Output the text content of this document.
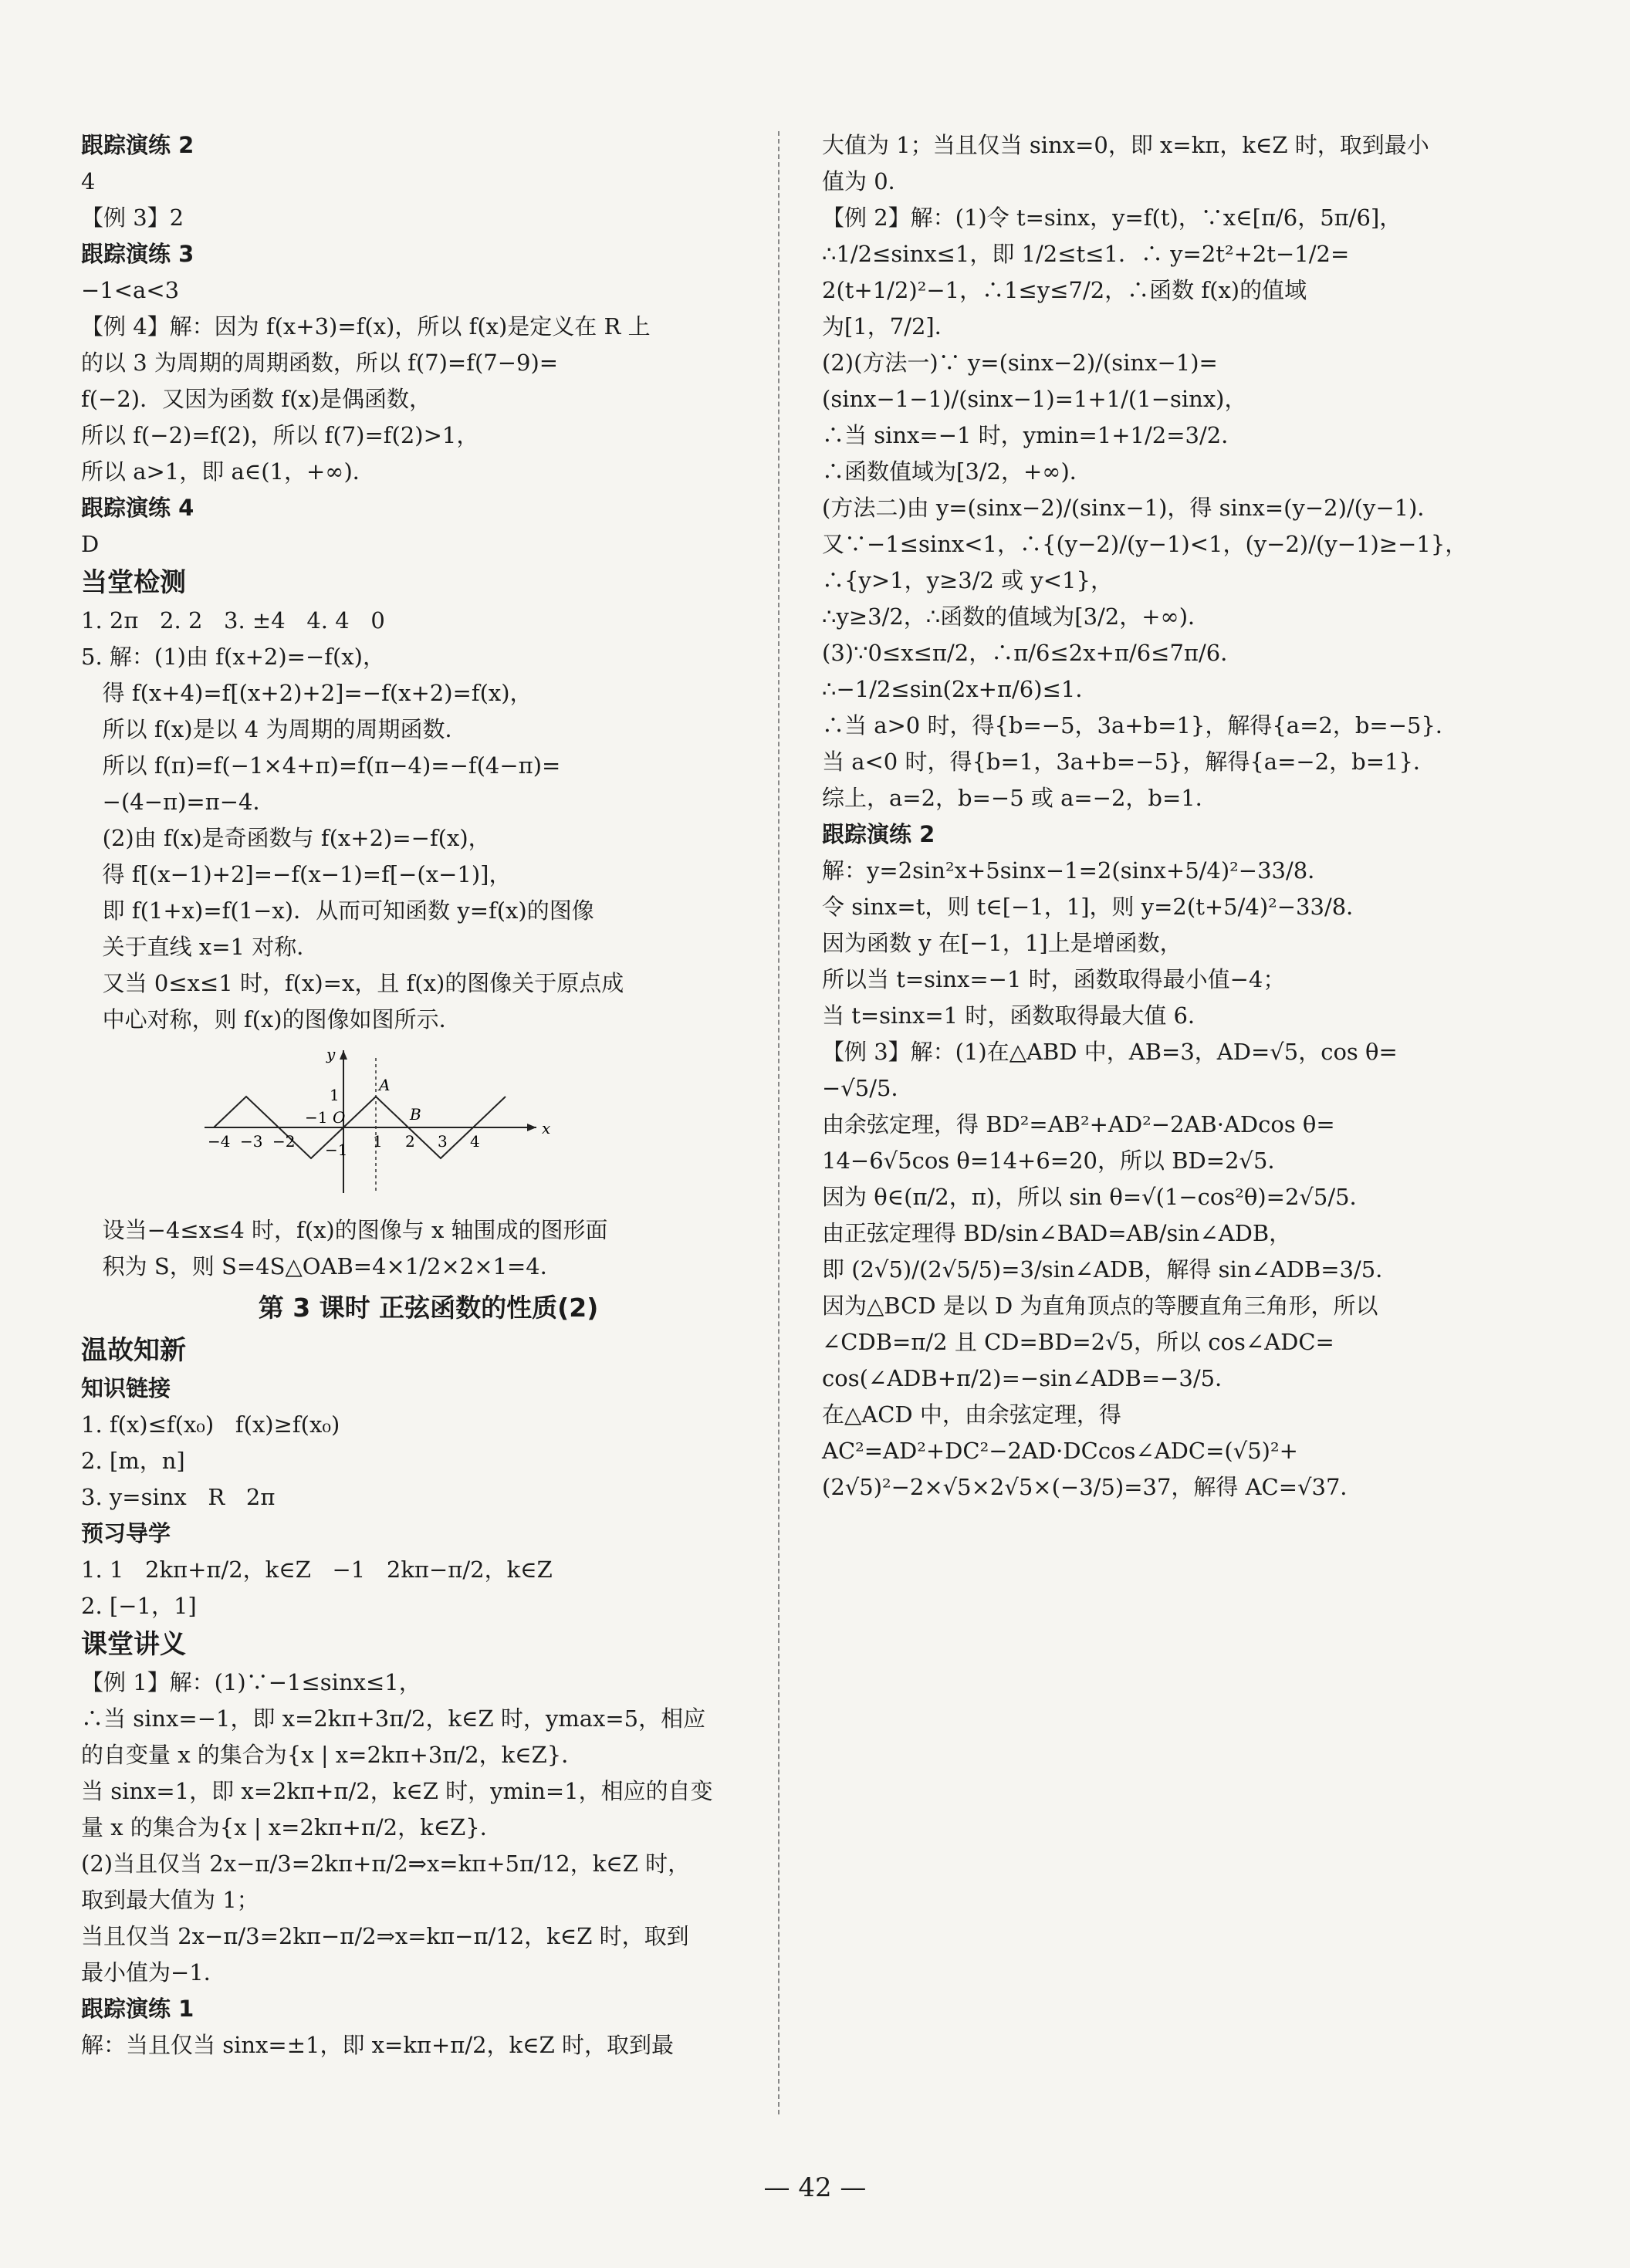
跟踪演练 2
4
【例 3】2
跟踪演练 3
−1<a<3
【例 4】解：因为 f(x+3)=f(x)，所以 f(x)是定义在 R 上
的以 3 为周期的周期函数，所以 f(7)=f(7−9)=
f(−2)．又因为函数 f(x)是偶函数，
所以 f(−2)=f(2)，所以 f(7)=f(2)>1，
所以 a>1，即 a∈(1，+∞)．
跟踪演练 4
D
当堂检测
1. 2π   2. 2   3. ±4   4. 4   0
5. 解：(1)由 f(x+2)=−f(x)，
得 f(x+4)=f[(x+2)+2]=−f(x+2)=f(x)，
所以 f(x)是以 4 为周期的周期函数．
所以 f(π)=f(−1×4+π)=f(π−4)=−f(4−π)=
−(4−π)=π−4．
(2)由 f(x)是奇函数与 f(x+2)=−f(x)，
得 f[(x−1)+2]=−f(x−1)=f[−(x−1)]，
即 f(1+x)=f(1−x)．从而可知函数 y=f(x)的图像
关于直线 x=1 对称．
又当 0≤x≤1 时，f(x)=x，且 f(x)的图像关于原点成
中心对称，则 f(x)的图像如图所示．
x
y
A
B
O
1
−1
−1
−4 −3 −2	1 2 3 4
设当−4≤x≤4 时，f(x)的图像与 x 轴围成的图形面
积为 S，则 S=4S△OAB=4×1/2×2×1=4．
第 3 课时 正弦函数的性质(2)
温故知新
知识链接
1. f(x)≤f(x₀)   f(x)≥f(x₀)
2. [m，n]
3. y=sinx   R   2π
预习导学
1. 1   2kπ+π/2，k∈Z   −1   2kπ−π/2，k∈Z
2. [−1，1]
课堂讲义
【例 1】解：(1)∵−1≤sinx≤1，
∴当 sinx=−1，即 x=2kπ+3π/2，k∈Z 时，ymax=5，相应
的自变量 x 的集合为{x | x=2kπ+3π/2，k∈Z}．
当 sinx=1，即 x=2kπ+π/2，k∈Z 时，ymin=1，相应的自变
量 x 的集合为{x | x=2kπ+π/2，k∈Z}．
(2)当且仅当 2x−π/3=2kπ+π/2⇒x=kπ+5π/12，k∈Z 时，
取到最大值为 1；
当且仅当 2x−π/3=2kπ−π/2⇒x=kπ−π/12，k∈Z 时，取到
最小值为−1．
跟踪演练 1
解：当且仅当 sinx=±1，即 x=kπ+π/2，k∈Z 时，取到最
大值为 1；当且仅当 sinx=0，即 x=kπ，k∈Z 时，取到最小
值为 0．
【例 2】解：(1)令 t=sinx，y=f(t)，∵x∈[π/6，5π/6]，
∴1/2≤sinx≤1，即 1/2≤t≤1．∴ y=2t²+2t−1/2=
2(t+1/2)²−1，∴1≤y≤7/2，∴函数 f(x)的值域
为[1，7/2]．
(2)(方法一)∵ y=(sinx−2)/(sinx−1)=(sinx−1−1)/(sinx−1)=1+1/(1−sinx)，
∴当 sinx=−1 时，ymin=1+1/2=3/2．
∴函数值域为[3/2，+∞)．
(方法二)由 y=(sinx−2)/(sinx−1)，得 sinx=(y−2)/(y−1)．
又∵−1≤sinx<1，∴{(y−2)/(y−1)<1，(y−2)/(y−1)≥−1}，∴{y>1，y≥3/2 或 y<1}，
∴y≥3/2，∴函数的值域为[3/2，+∞)．
(3)∵0≤x≤π/2，∴π/6≤2x+π/6≤7π/6．
∴−1/2≤sin(2x+π/6)≤1．
∴当 a>0 时，得{b=−5，3a+b=1}，解得{a=2，b=−5}．
当 a<0 时，得{b=1，3a+b=−5}，解得{a=−2，b=1}．
综上，a=2，b=−5 或 a=−2，b=1．
跟踪演练 2
解：y=2sin²x+5sinx−1=2(sinx+5/4)²−33/8．
令 sinx=t，则 t∈[−1，1]，则 y=2(t+5/4)²−33/8．
因为函数 y 在[−1，1]上是增函数，
所以当 t=sinx=−1 时，函数取得最小值−4；
当 t=sinx=1 时，函数取得最大值 6．
【例 3】解：(1)在△ABD 中，AB=3，AD=√5，cos θ=
−√5/5．
由余弦定理，得 BD²=AB²+AD²−2AB·ADcos θ=
14−6√5cos θ=14+6=20，所以 BD=2√5．
因为 θ∈(π/2，π)，所以 sin θ=√(1−cos²θ)=2√5/5．
由正弦定理得 BD/sin∠BAD=AB/sin∠ADB，
即 (2√5)/(2√5/5)=3/sin∠ADB，解得 sin∠ADB=3/5．
因为△BCD 是以 D 为直角顶点的等腰直角三角形，所以
∠CDB=π/2 且 CD=BD=2√5，所以 cos∠ADC=
cos(∠ADB+π/2)=−sin∠ADB=−3/5．
在△ACD 中，由余弦定理，得
AC²=AD²+DC²−2AD·DCcos∠ADC=(√5)²+
(2√5)²−2×√5×2√5×(−3/5)=37，解得 AC=√37．
— 42 —
